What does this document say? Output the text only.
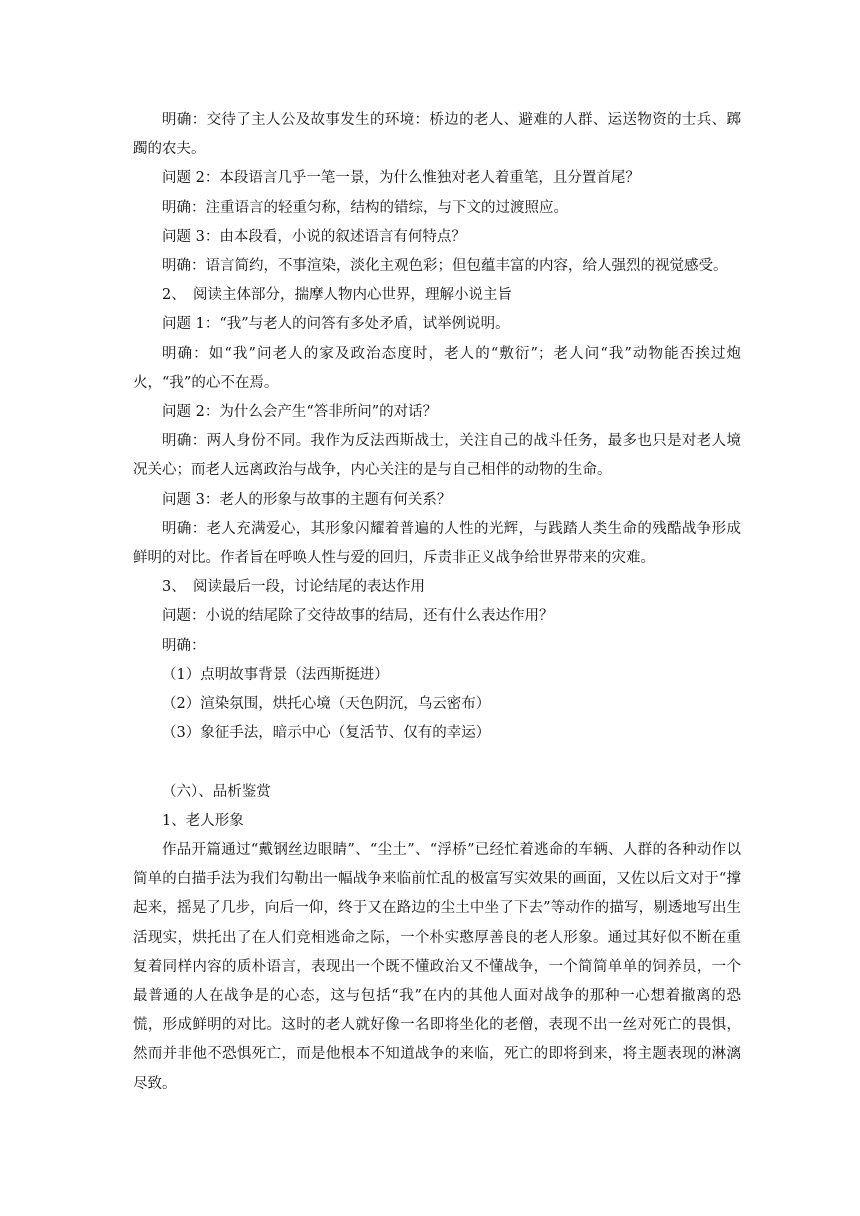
明确：交待了主人公及故事发生的环境：桥边的老人、避难的人群、运送物资的士兵、踯躅的农夫。

问题 2：本段语言几乎一笔一景，为什么惟独对老人着重笔，且分置首尾？

明确：注重语言的轻重匀称，结构的错综，与下文的过渡照应。

问题 3：由本段看，小说的叙述语言有何特点？

明确：语言简约，不事渲染，淡化主观色彩；但包蕴丰富的内容，给人强烈的视觉感受。

2、　阅读主体部分，揣摩人物内心世界，理解小说主旨

问题 1：“我”与老人的问答有多处矛盾，试举例说明。

明确：如“我”问老人的家及政治态度时，老人的“敷衍”；老人问“我”动物能否挨过炮火，“我”的心不在焉。

问题 2：为什么会产生“答非所问”的对话？

明确：两人身份不同。我作为反法西斯战士，关注自己的战斗任务，最多也只是对老人境况关心；而老人远离政治与战争，内心关注的是与自己相伴的动物的生命。

问题 3：老人的形象与故事的主题有何关系？

明确：老人充满爱心，其形象闪耀着普遍的人性的光辉，与践踏人类生命的残酷战争形成鲜明的对比。作者旨在呼唤人性与爱的回归，斥责非正义战争给世界带来的灾难。

3、　阅读最后一段，讨论结尾的表达作用

问题：小说的结尾除了交待故事的结局，还有什么表达作用？

明确：

（1）点明故事背景（法西斯挺进）

（2）渲染氛围，烘托心境（天色阴沉，乌云密布）

（3）象征手法，暗示中心（复活节、仅有的幸运）

（六）、品析鉴赏

1、老人形象

作品开篇通过“戴钢丝边眼睛”、“尘土”、“浮桥”已经忙着逃命的车辆、人群的各种动作以简单的白描手法为我们勾勒出一幅战争来临前忙乱的极富写实效果的画面，又佐以后文对于“撑起来，摇晃了几步，向后一仰，终于又在路边的尘土中坐了下去”等动作的描写，剔透地写出生活现实，烘托出了在人们竞相逃命之际，一个朴实憨厚善良的老人形象。通过其好似不断在重复着同样内容的质朴语言，表现出一个既不懂政治又不懂战争，一个简简单单的饲养员，一个最普通的人在战争是的心态，这与包括“我”在内的其他人面对战争的那种一心想着撤离的恐慌，形成鲜明的对比。这时的老人就好像一名即将坐化的老僧，表现不出一丝对死亡的畏惧，然而并非他不恐惧死亡，而是他根本不知道战争的来临，死亡的即将到来，将主题表现的淋漓尽致。
